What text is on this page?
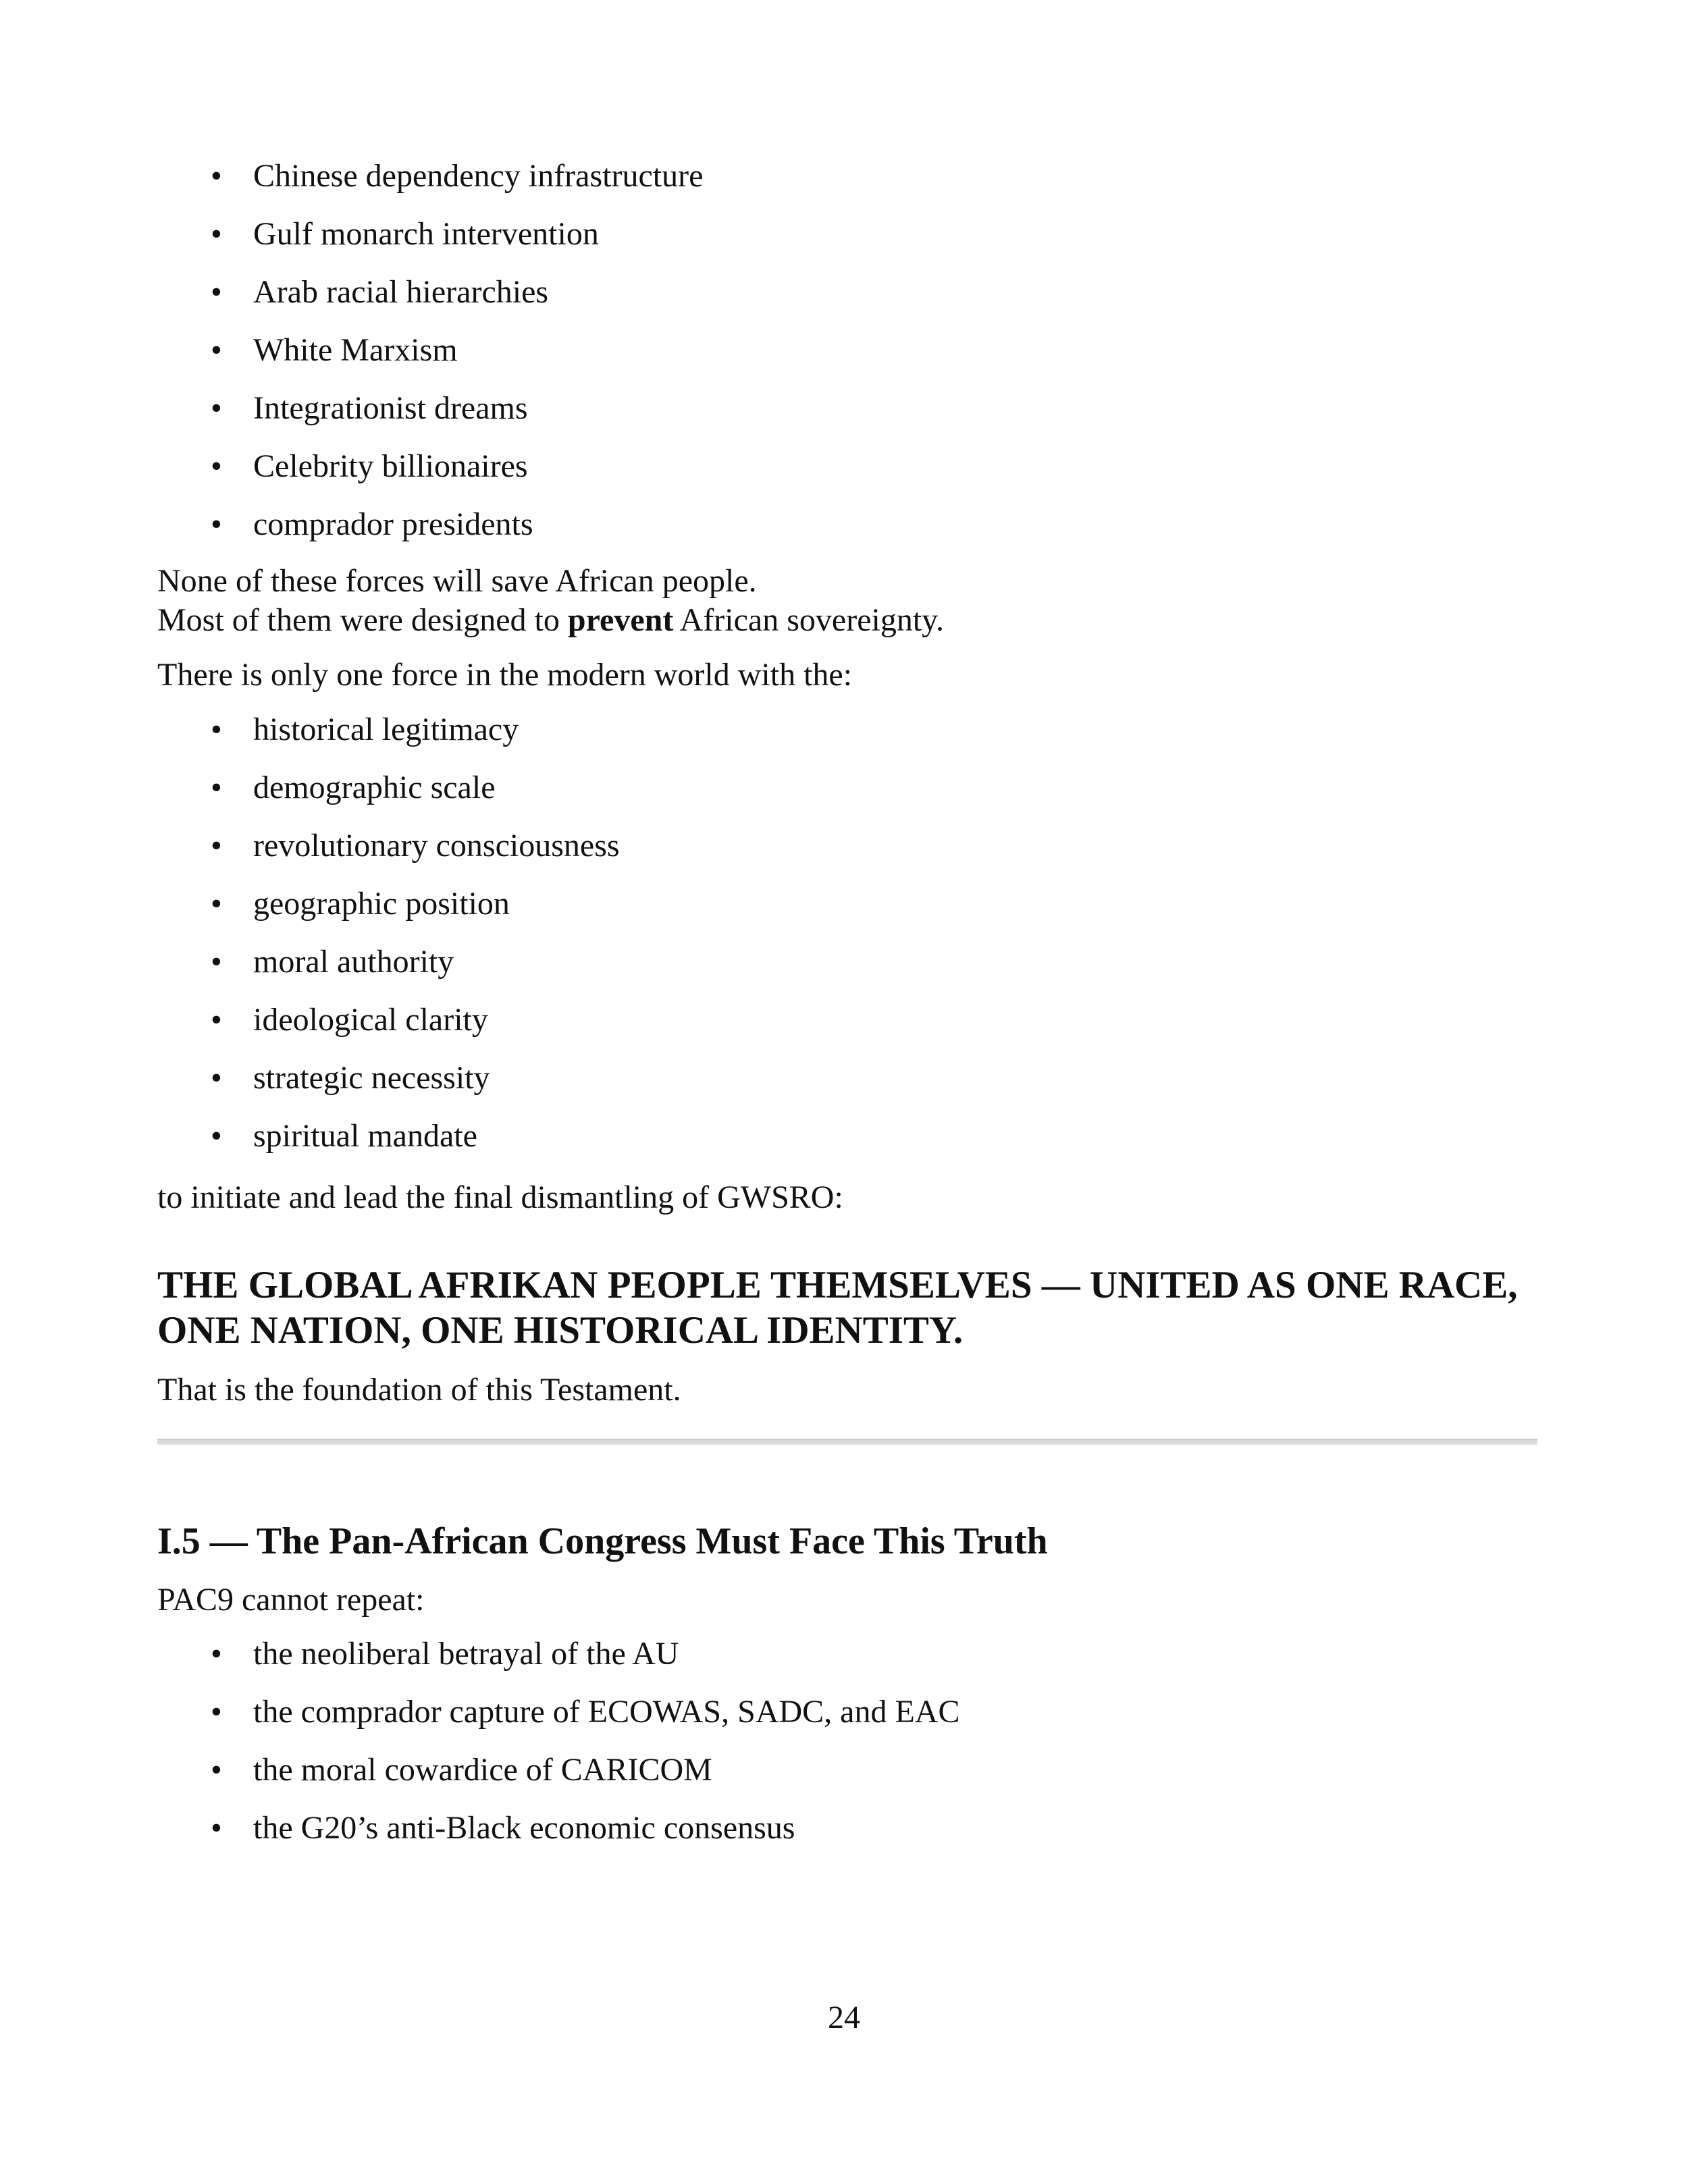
• Chinese dependency infrastructure
• Gulf monarch intervention
• Arab racial hierarchies
• White Marxism
• Integrationist dreams
• Celebrity billionaires
• comprador presidents

None of these forces will save African people.

Most of them were designed to prevent African sovereignty.

There is only one force in the modern world with the:

• historical legitimacy
• demographic scale
• revolutionary consciousness
• geographic position
• moral authority
• ideological clarity
• strategic necessity
• spiritual mandate

to initiate and lead the final dismantling of GWSRO:

THE GLOBAL AFRIKAN PEOPLE THEMSELVES — UNITED AS ONE RACE, ONE NATION, ONE HISTORICAL IDENTITY.

That is the foundation of this Testament.

I.5 — The Pan-African Congress Must Face This Truth

PAC9 cannot repeat:

• the neoliberal betrayal of the AU
• the comprador capture of ECOWAS, SADC, and EAC
• the moral cowardice of CARICOM
• the G20’s anti-Black economic consensus
24
